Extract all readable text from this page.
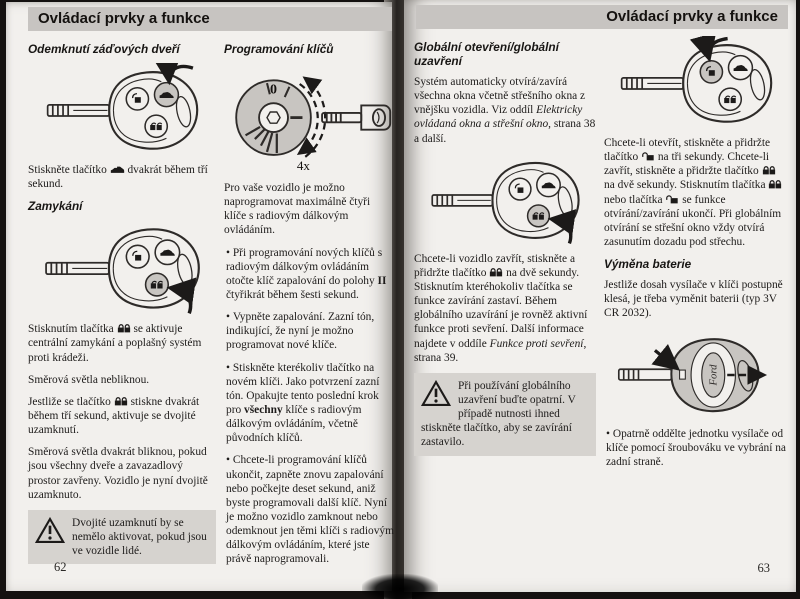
Ovládací prvky a funkce
Odemknutí záďových dveří

Stiskněte tlačítko  dvakrát během tří sekund.

Zamykání

Stisknutím tlačítka  se aktivuje centrální zamykání a poplašný systém proti krádeži.

Směrová světla nebliknou.

Jestliže se tlačítko  stiskne dvakrát během tří sekund, aktivuje se dvojité uzamknutí.

Směrová světla dvakrát bliknou, pokud jsou všechny dveře a zavazadlový prostor zavřeny. Vozidlo je nyní dvojitě uzamknuto.

Dvojité uzamknutí by se nemělo aktivovat, pokud jsou ve vozidle lidé.

Programování klíčů
0
4x

Pro vaše vozidlo je možno naprogramovat maximálně čtyři klíče s radiovým dálkovým ovládáním.

• Při programování nových klíčů s radiovým dálkovým ovládáním otočte klíč zapalování do polohy II čtyřikrát během šesti sekund.

• Vypněte zapalování. Zazní tón, indikující, že nyní je možno programovat nové klíče.

• Stiskněte kterékoliv tlačítko na novém klíči. Jako potvrzení zazní tón. Opakujte tento poslední krok pro všechny klíče s radiovým dálkovým ovládáním, včetně původních klíčů.

• Chcete-li programování klíčů ukončit, zapněte znovu zapalování nebo počkejte deset sekund, aniž byste programovali další klíč. Nyní je možno vozidlo zamknout nebo odemknout jen těmi klíči s radiovým dálkovým ovládáním, které jste právě naprogramovali.

62
Ovládací prvky a funkce
Globální otevření/globální uzavření

Systém automaticky otvírá/zavírá všechna okna včetně střešního okna z vnějšku vozidla. Viz oddíl Elektricky ovládaná okna a střešní okno, strana 38 a další.

Chcete-li vozidlo zavřít, stiskněte a přidržte tlačítko  na dvě sekundy. Stisknutím kteréhokoliv tlačítka se funkce zavírání zastaví. Během globálního uzavírání je rovněž aktivní funkce proti sevření. Další informace najdete v oddíle Funkce proti sevření, strana 39.

Při používání globálního uzavření buďte opatrní. V případě nutnosti ihned stiskněte tlačítko, aby se zavírání zastavilo.

Chcete-li otevřít, stiskněte a přidržte tlačítko  na tři sekundy. Chcete-li zavřít, stiskněte a přidržte tlačítko  na dvě sekundy. Stisknutím tlačítka  nebo tlačítka  se funkce otvírání/zavírání ukončí. Při globálním otvírání se střešní okno vždy otvírá zasunutím dozadu pod střechu.

Výměna baterie

Jestliže dosah vysílače v klíči postupně klesá, je třeba vyměnit baterii (typ 3V CR 2032).

Ford

• Opatrně oddělte jednotku vysílače od klíče pomocí šroubováku ve vybrání na zadní straně.

63
